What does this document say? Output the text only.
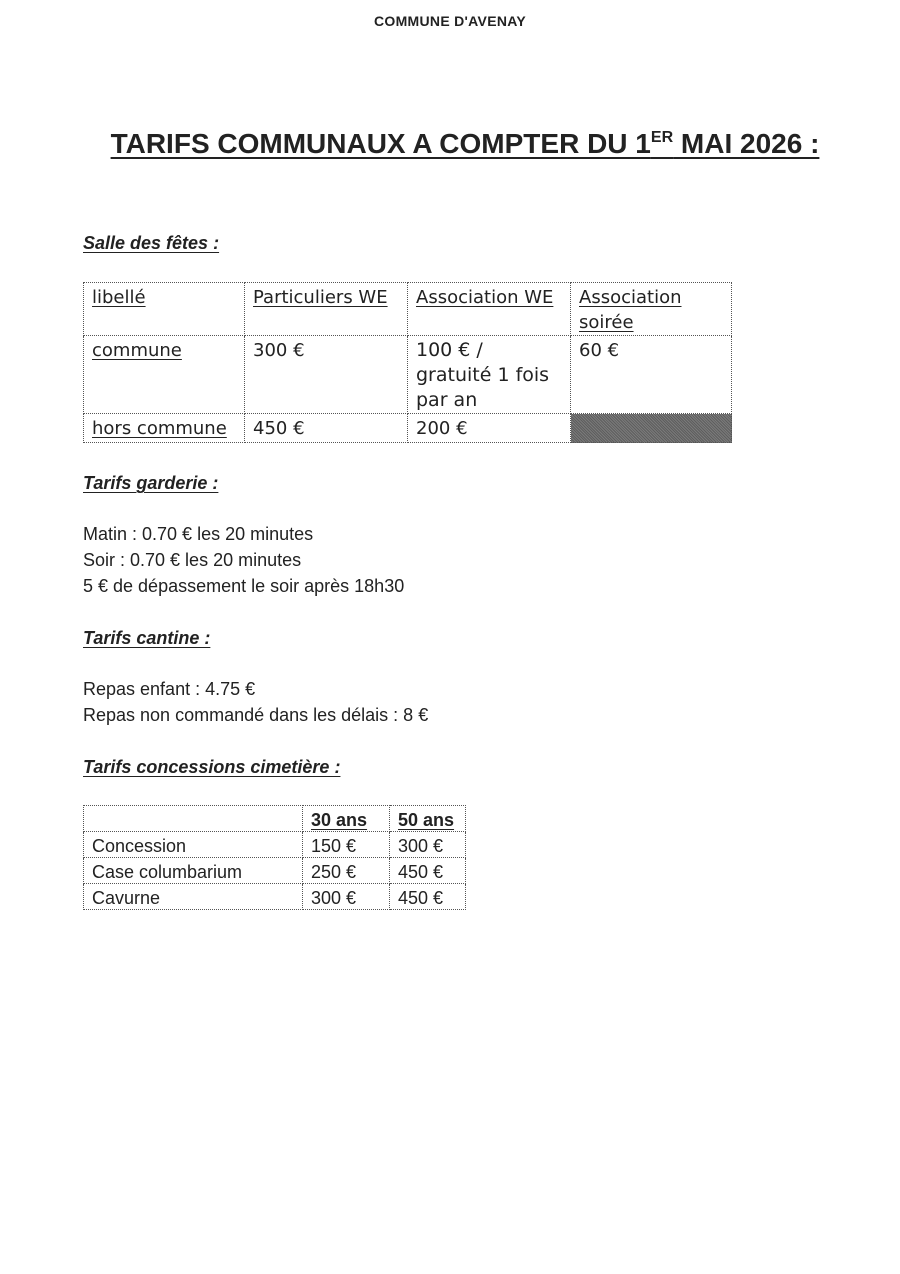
COMMUNE D'AVENAY
TARIFS COMMUNAUX A COMPTER DU 1ER MAI 2026 :
Salle des fêtes :
libellé	Particuliers WE	Association WE	Association soirée
commune	300 €	100 € /
gratuité 1 fois
par an	60 €
hors commune	450 €	200 €	
Tarifs garderie :
Matin : 0.70 € les 20 minutes
Soir : 0.70 € les 20 minutes
5 € de dépassement le soir après 18h30
Tarifs cantine :
Repas enfant : 4.75 €
Repas non commandé dans les délais : 8 €
Tarifs concessions cimetière :
	30 ans	50 ans
Concession	150 €	300 €
Case columbarium	250 €	450 €
Cavurne	300 €	450 €
